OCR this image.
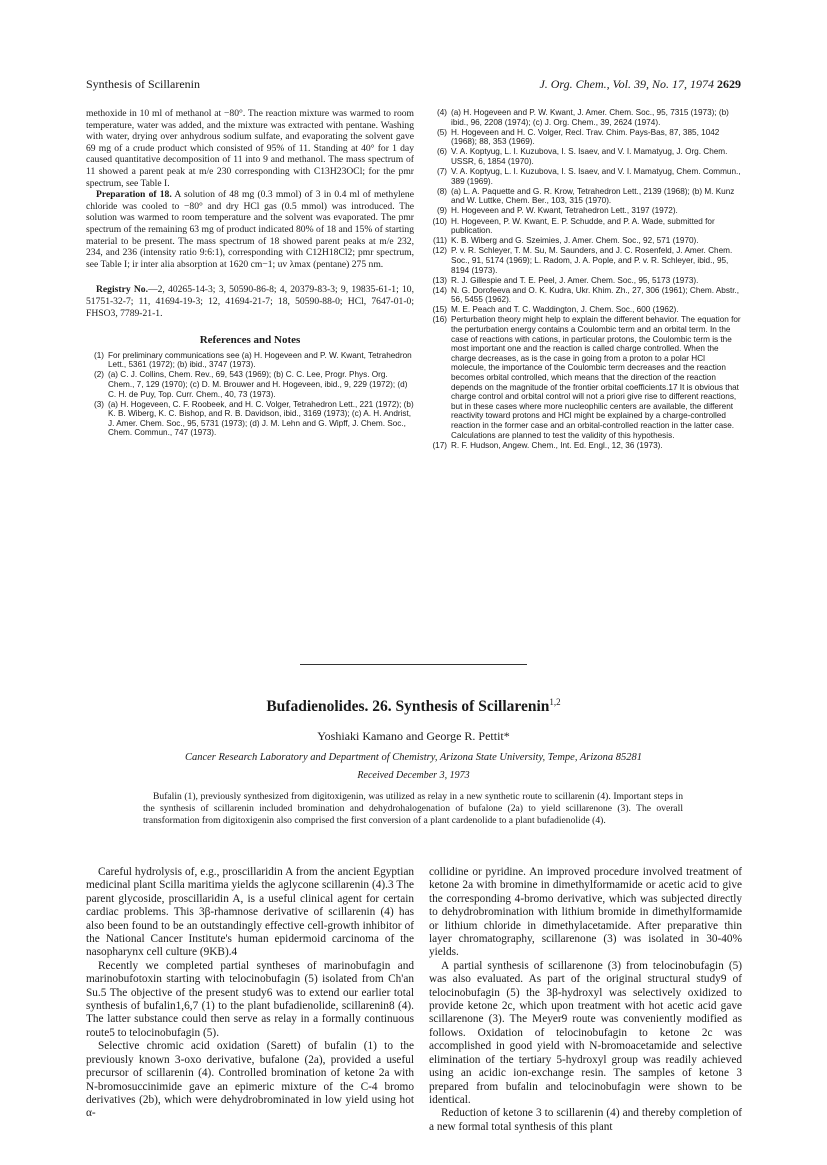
Synthesis of Scillarenin	J. Org. Chem., Vol. 39, No. 17, 1974 2629

methoxide in 10 ml of methanol at −80°. The reaction mixture was warmed to room temperature, water was added, and the mixture was extracted with pentane. Washing with water, drying over anhydrous sodium sulfate, and evaporating the solvent gave 69 mg of a crude product which consisted of 95% of 11. Standing at 40° for 1 day caused quantitative decomposition of 11 into 9 and methanol. The mass spectrum of 11 showed a parent peak at m/e 230 corresponding with C13H23OCl; for the pmr spectrum, see Table I.

Preparation of 18. A solution of 48 mg (0.3 mmol) of 3 in 0.4 ml of methylene chloride was cooled to −80° and dry HCl gas (0.5 mmol) was introduced. The solution was warmed to room temperature and the solvent was evaporated. The pmr spectrum of the remaining 63 mg of product indicated 80% of 18 and 15% of starting material to be present. The mass spectrum of 18 showed parent peaks at m/e 232, 234, and 236 (intensity ratio 9:6:1), corresponding with C12H18Cl2; pmr spectrum, see Table I; ir inter alia absorption at 1620 cm−1; uv λmax (pentane) 275 nm.

Registry No.—2, 40265-14-3; 3, 50590-86-8; 4, 20379-83-3; 9, 19835-61-1; 10, 51751-32-7; 11, 41694-19-3; 12, 41694-21-7; 18, 50590-88-0; HCl, 7647-01-0; FHSO3, 7789-21-1.

References and Notes
(1) For preliminary communications see (a) H. Hogeveen and P. W. Kwant, Tetrahedron Lett., 5361 (1972); (b) ibid., 3747 (1973).
(2) (a) C. J. Collins, Chem. Rev., 69, 543 (1969); (b) C. C. Lee, Progr. Phys. Org. Chem., 7, 129 (1970); (c) D. M. Brouwer and H. Hogeveen, ibid., 9, 229 (1972); (d) C. H. de Puy, Top. Curr. Chem., 40, 73 (1973).
(3) (a) H. Hogeveen, C. F. Roobeek, and H. C. Volger, Tetrahedron Lett., 221 (1972); (b) K. B. Wiberg, K. C. Bishop, and R. B. Davidson, ibid., 3169 (1973); (c) A. H. Andrist, J. Amer. Chem. Soc., 95, 5731 (1973); (d) J. M. Lehn and G. Wipff, J. Chem. Soc., Chem. Commun., 747 (1973).
(4) (a) H. Hogeveen and P. W. Kwant, J. Amer. Chem. Soc., 95, 7315 (1973); (b) ibid., 96, 2208 (1974); (c) J. Org. Chem., 39, 2624 (1974).
(5) H. Hogeveen and H. C. Volger, Recl. Trav. Chim. Pays-Bas, 87, 385, 1042 (1968); 88, 353 (1969).
(6) V. A. Koptyug, L. I. Kuzubova, I. S. Isaev, and V. I. Mamatyug, J. Org. Chem. USSR, 6, 1854 (1970).
(7) V. A. Koptyug, L. I. Kuzubova, I. S. Isaev, and V. I. Mamatyug, Chem. Commun., 389 (1969).
(8) (a) L. A. Paquette and G. R. Krow, Tetrahedron Lett., 2139 (1968); (b) M. Kunz and W. Luttke, Chem. Ber., 103, 315 (1970).
(9) H. Hogeveen and P. W. Kwant, Tetrahedron Lett., 3197 (1972).
(10) H. Hogeveen, P. W. Kwant, E. P. Schudde, and P. A. Wade, submitted for publication.
(11) K. B. Wiberg and G. Szeimies, J. Amer. Chem. Soc., 92, 571 (1970).
(12) P. v. R. Schleyer, T. M. Su, M. Saunders, and J. C. Rosenfeld, J. Amer. Chem. Soc., 91, 5174 (1969); L. Radom, J. A. Pople, and P. v. R. Schleyer, ibid., 95, 8194 (1973).
(13) R. J. Gillespie and T. E. Peel, J. Amer. Chem. Soc., 95, 5173 (1973).
(14) N. G. Dorofeeva and O. K. Kudra, Ukr. Khim. Zh., 27, 306 (1961); Chem. Abstr., 56, 5455 (1962).
(15) M. E. Peach and T. C. Waddington, J. Chem. Soc., 600 (1962).
(16) Perturbation theory might help to explain the different behavior. The equation for the perturbation energy contains a Coulombic term and an orbital term. In the case of reactions with cations, in particular protons, the Coulombic term is the most important one and the reaction is called charge controlled. When the charge decreases, as is the case in going from a proton to a polar HCl molecule, the importance of the Coulombic term decreases and the reaction becomes orbital controlled, which means that the direction of the reaction depends on the magnitude of the frontier orbital coefficients.17 It is obvious that charge control and orbital control will not a priori give rise to different reactions, but in these cases where more nucleophilic centers are available, the different reactivity toward protons and HCl might be explained by a charge-controlled reaction in the former case and an orbital-controlled reaction in the latter case. Calculations are planned to test the validity of this hypothesis.
(17) R. F. Hudson, Angew. Chem., Int. Ed. Engl., 12, 36 (1973).
Bufadienolides. 26. Synthesis of Scillarenin$^{1,2}$
Yoshiaki Kamano and George R. Pettit*
Cancer Research Laboratory and Department of Chemistry, Arizona State University, Tempe, Arizona 85281
Received December 3, 1973
Bufalin (1), previously synthesized from digitoxigenin, was utilized as relay in a new synthetic route to scillarenin (4). Important steps in the synthesis of scillarenin included bromination and dehydrohalogenation of bufalone (2a) to yield scillarenone (3). The overall transformation from digitoxigenin also comprised the first conversion of a plant cardenolide to a plant bufadienolide (4).

Careful hydrolysis of, e.g., proscillaridin A from the ancient Egyptian medicinal plant Scilla maritima yields the aglycone scillarenin (4).3 The parent glycoside, proscillaridin A, is a useful clinical agent for certain cardiac problems. This 3β-rhamnose derivative of scillarenin (4) has also been found to be an outstandingly effective cell-growth inhibitor of the National Cancer Institute's human epidermoid carcinoma of the nasopharynx cell culture (9KB).4

Recently we completed partial syntheses of marinobufagin and marinobufotoxin starting with telocinobufagin (5) isolated from Ch'an Su.5 The objective of the present study6 was to extend our earlier total synthesis of bufalin1,6,7 (1) to the plant bufadienolide, scillarenin8 (4). The latter substance could then serve as relay in a formally continuous route5 to telocinobufagin (5).

Selective chromic acid oxidation (Sarett) of bufalin (1) to the previously known 3-oxo derivative, bufalone (2a), provided a useful precursor of scillarenin (4). Controlled bromination of ketone 2a with N-bromosuccinimide gave an epimeric mixture of the C-4 bromo derivatives (2b), which were dehydrobrominated in low yield using hot α-

collidine or pyridine. An improved procedure involved treatment of ketone 2a with bromine in dimethylformamide or acetic acid to give the corresponding 4-bromo derivative, which was subjected directly to dehydrobromination with lithium bromide in dimethylformamide or lithium chloride in dimethylacetamide. After preparative thin layer chromatography, scillarenone (3) was isolated in 30-40% yields.

A partial synthesis of scillarenone (3) from telocinobufagin (5) was also evaluated. As part of the original structural study9 of telocinobufagin (5) the 3β-hydroxyl was selectively oxidized to provide ketone 2c, which upon treatment with hot acetic acid gave scillarenone (3). The Meyer9 route was conveniently modified as follows. Oxidation of telocinobufagin to ketone 2c was accomplished in good yield with N-bromoacetamide and selective elimination of the tertiary 5-hydroxyl group was readily achieved using an acidic ion-exchange resin. The samples of ketone 3 prepared from bufalin and telocinobufagin were shown to be identical.

Reduction of ketone 3 to scillarenin (4) and thereby completion of a new formal total synthesis of this plant
